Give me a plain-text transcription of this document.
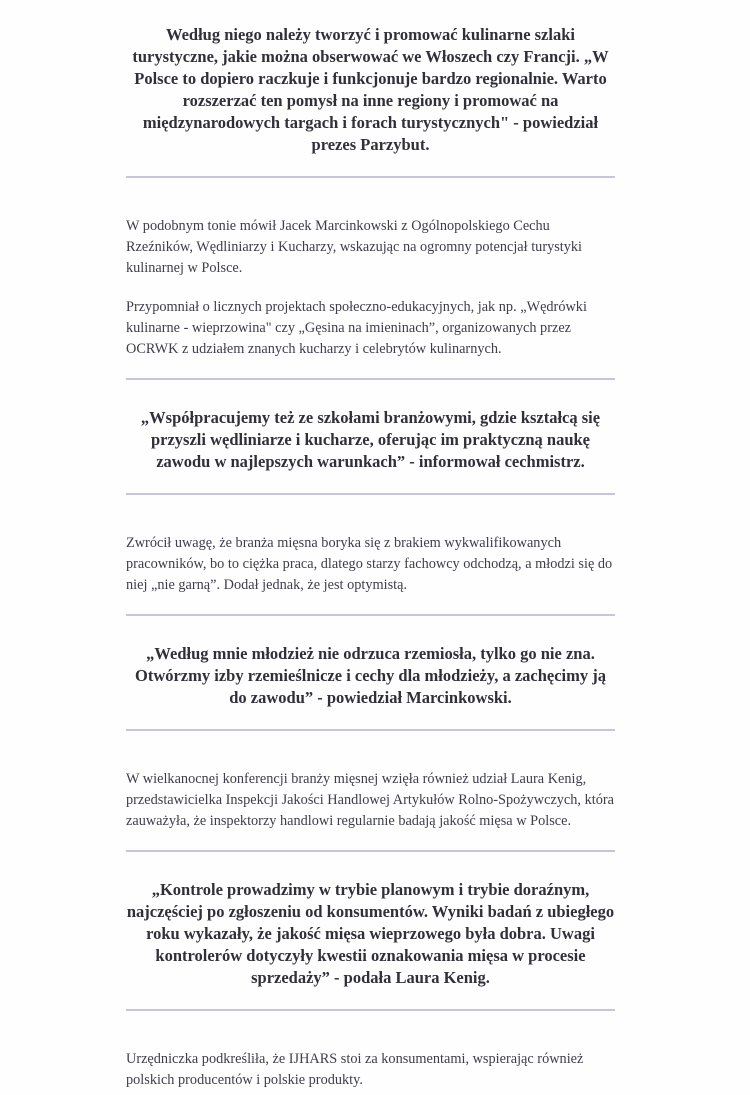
Według niego należy tworzyć i promować kulinarne szlaki turystyczne, jakie można obserwować we Włoszech czy Francji. „W Polsce to dopiero raczkuje i funkcjonuje bardzo regionalnie. Warto rozszerzać ten pomysł na inne regiony i promować na międzynarodowych targach i forach turystycznych" - powiedział prezes Parzybut.

W podobnym tonie mówił Jacek Marcinkowski z Ogólnopolskiego Cechu Rzeźników, Wędliniarzy i Kucharzy, wskazując na ogromny potencjał turystyki kulinarnej w Polsce.

Przypomniał o licznych projektach społeczno-edukacyjnych, jak np. „Wędrówki kulinarne - wieprzowina" czy „Gęsina na imieninach”, organizowanych przez OCRWK z udziałem znanych kucharzy i celebrytów kulinarnych.

„Współpracujemy też ze szkołami branżowymi, gdzie kształcą się przyszli wędliniarze i kucharze, oferując im praktyczną naukę zawodu w najlepszych warunkach” - informował cechmistrz.

Zwrócił uwagę, że branża mięsna boryka się z brakiem wykwalifikowanych pracowników, bo to ciężka praca, dlatego starzy fachowcy odchodzą, a młodzi się do niej „nie garną”. Dodał jednak, że jest optymistą.

„Według mnie młodzież nie odrzuca rzemiosła, tylko go nie zna. Otwórzmy izby rzemieślnicze i cechy dla młodzieży, a zachęcimy ją do zawodu” - powiedział Marcinkowski.

W wielkanocnej konferencji branży mięsnej wzięła również udział Laura Kenig, przedstawicielka Inspekcji Jakości Handlowej Artykułów Rolno-Spożywczych, która zauważyła, że inspektorzy handlowi regularnie badają jakość mięsa w Polsce.

„Kontrole prowadzimy w trybie planowym i trybie doraźnym, najczęściej po zgłoszeniu od konsumentów. Wyniki badań z ubiegłego roku wykazały, że jakość mięsa wieprzowego była dobra. Uwagi kontrolerów dotyczyły kwestii oznakowania mięsa w procesie sprzedaży” - podała Laura Kenig.

Urzędniczka podkreśliła, że IJHARS stoi za konsumentami, wspierając również polskich producentów i polskie produkty.
